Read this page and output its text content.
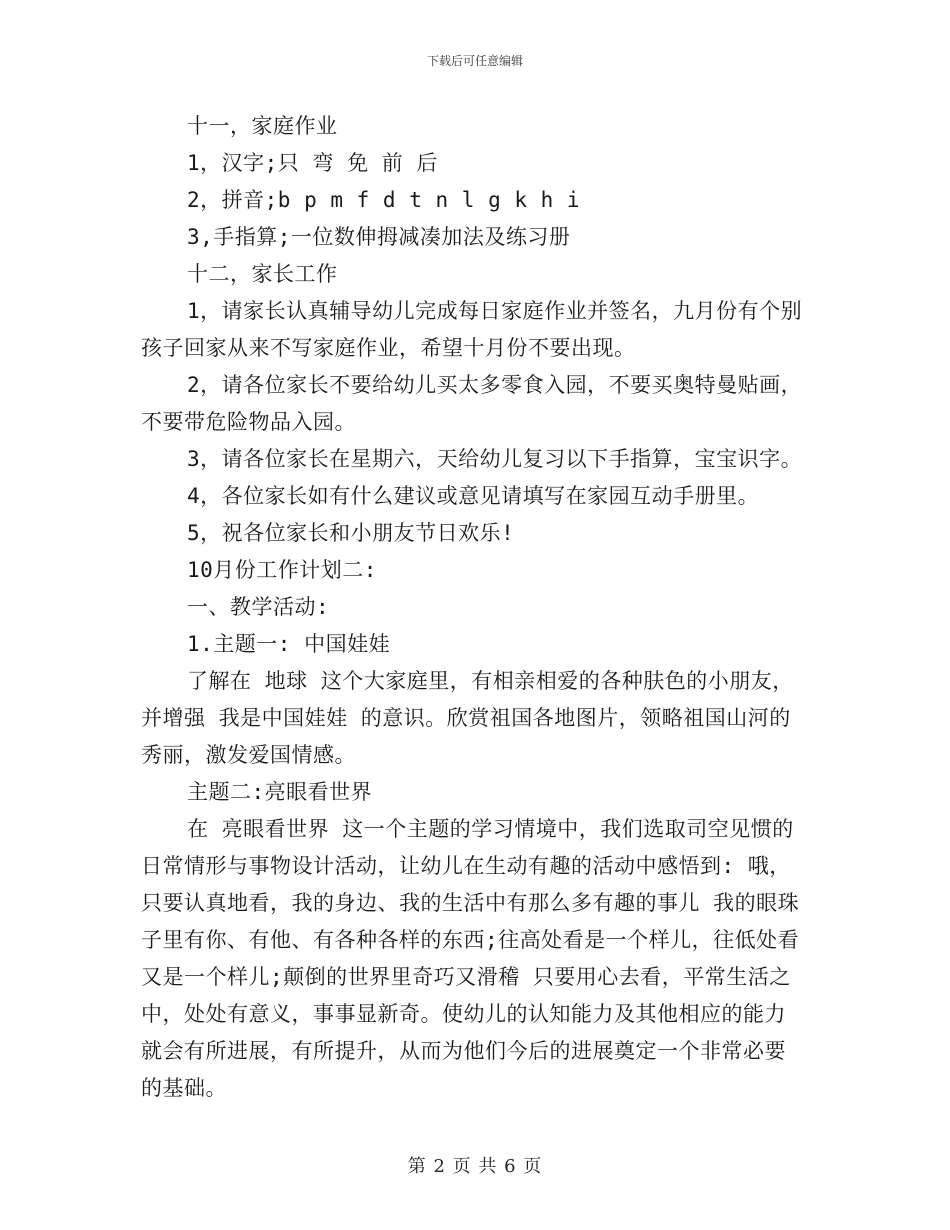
下载后可任意编辑
十一，家庭作业
1，汉字;只 弯 免 前 后
2，拼音;b p m f d t n l g k h i
3,手指算;一位数伸拇减凑加法及练习册
十二，家长工作
1，请家长认真辅导幼儿完成每日家庭作业并签名，九月份有个别
孩子回家从来不写家庭作业，希望十月份不要出现。
2，请各位家长不要给幼儿买太多零食入园，不要买奥特曼贴画，
不要带危险物品入园。
3，请各位家长在星期六，天给幼儿复习以下手指算，宝宝识字。
4，各位家长如有什么建议或意见请填写在家园互动手册里。
5，祝各位家长和小朋友节日欢乐!
10月份工作计划二:
一、教学活动:
1.主题一: 中国娃娃
了解在 地球 这个大家庭里，有相亲相爱的各种肤色的小朋友，
并增强 我是中国娃娃 的意识。欣赏祖国各地图片，领略祖国山河的
秀丽，激发爱国情感。
主题二:亮眼看世界
在 亮眼看世界 这一个主题的学习情境中，我们选取司空见惯的
日常情形与事物设计活动，让幼儿在生动有趣的活动中感悟到: 哦，
只要认真地看，我的身边、我的生活中有那么多有趣的事儿 我的眼珠
子里有你、有他、有各种各样的东西;往高处看是一个样儿，往低处看
又是一个样儿;颠倒的世界里奇巧又滑稽 只要用心去看，平常生活之
中，处处有意义，事事显新奇。使幼儿的认知能力及其他相应的能力
就会有所进展，有所提升，从而为他们今后的进展奠定一个非常必要
的基础。
第 2 页 共 6 页
